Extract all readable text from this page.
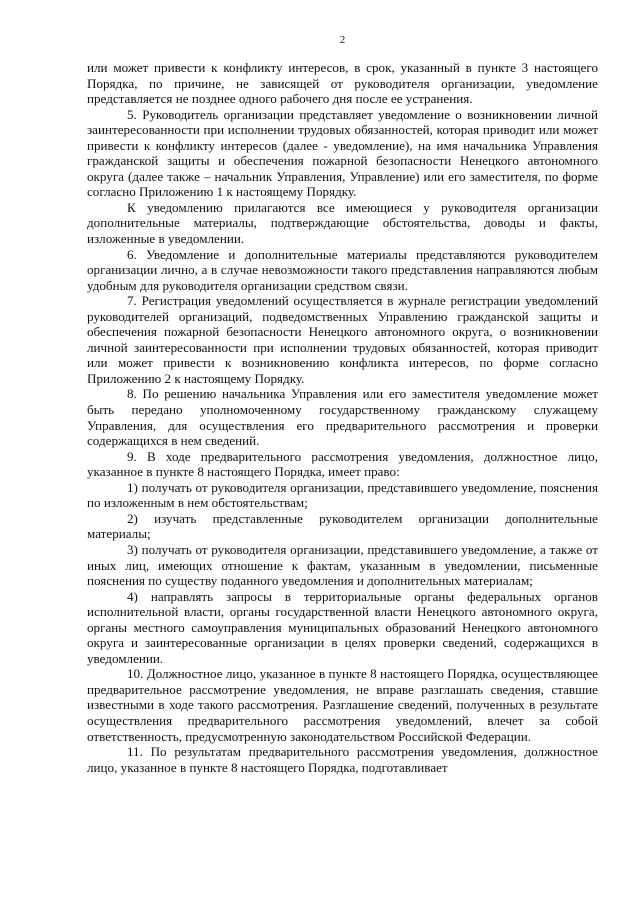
2

или может привести к конфликту интересов, в срок, указанный в пункте 3 настоящего Порядка, по причине, не зависящей от руководителя организации, уведомление представляется не позднее одного рабочего дня после ее устранения.

5. Руководитель организации представляет уведомление о возникновении личной заинтересованности при исполнении трудовых обязанностей, которая приводит или может привести к конфликту интересов (далее - уведомление), на имя начальника Управления гражданской защиты и обеспечения пожарной безопасности Ненецкого автономного округа (далее также – начальник Управления, Управление) или его заместителя, по форме согласно Приложению 1 к настоящему Порядку.

К уведомлению прилагаются все имеющиеся у руководителя организации дополнительные материалы, подтверждающие обстоятельства, доводы и факты, изложенные в уведомлении.

6. Уведомление и дополнительные материалы представляются руководителем организации лично, а в случае невозможности такого представления направляются любым удобным для руководителя организации средством связи.

7. Регистрация уведомлений осуществляется в журнале регистрации уведомлений руководителей организаций, подведомственных Управлению гражданской защиты и обеспечения пожарной безопасности Ненецкого автономного округа, о возникновении личной заинтересованности при исполнении трудовых обязанностей, которая приводит или может привести к возникновению конфликта интересов, по форме согласно Приложению 2 к настоящему Порядку.

8. По решению начальника Управления или его заместителя уведомление может быть передано уполномоченному государственному гражданскому служащему Управления, для осуществления его предварительного рассмотрения и проверки содержащихся в нем сведений.

9. В ходе предварительного рассмотрения уведомления, должностное лицо, указанное в пункте 8 настоящего Порядка, имеет право:

1) получать от руководителя организации, представившего уведомление, пояснения по изложенным в нем обстоятельствам;

2) изучать представленные руководителем организации дополнительные материалы;

3) получать от руководителя организации, представившего уведомление, а также от иных лиц, имеющих отношение к фактам, указанным в уведомлении, письменные пояснения по существу поданного уведомления и дополнительных материалам;

4) направлять запросы в территориальные органы федеральных органов исполнительной власти, органы государственной власти Ненецкого автономного округа, органы местного самоуправления муниципальных образований Ненецкого автономного округа и заинтересованные организации в целях проверки сведений, содержащихся в уведомлении.

10. Должностное лицо, указанное в пункте 8 настоящего Порядка, осуществляющее предварительное рассмотрение уведомления, не вправе разглашать сведения, ставшие известными в ходе такого рассмотрения. Разглашение сведений, полученных в результате осуществления предварительного рассмотрения уведомлений, влечет за собой ответственность, предусмотренную законодательством Российской Федерации.

11. По результатам предварительного рассмотрения уведомления, должностное лицо, указанное в пункте 8 настоящего Порядка, подготавливает
